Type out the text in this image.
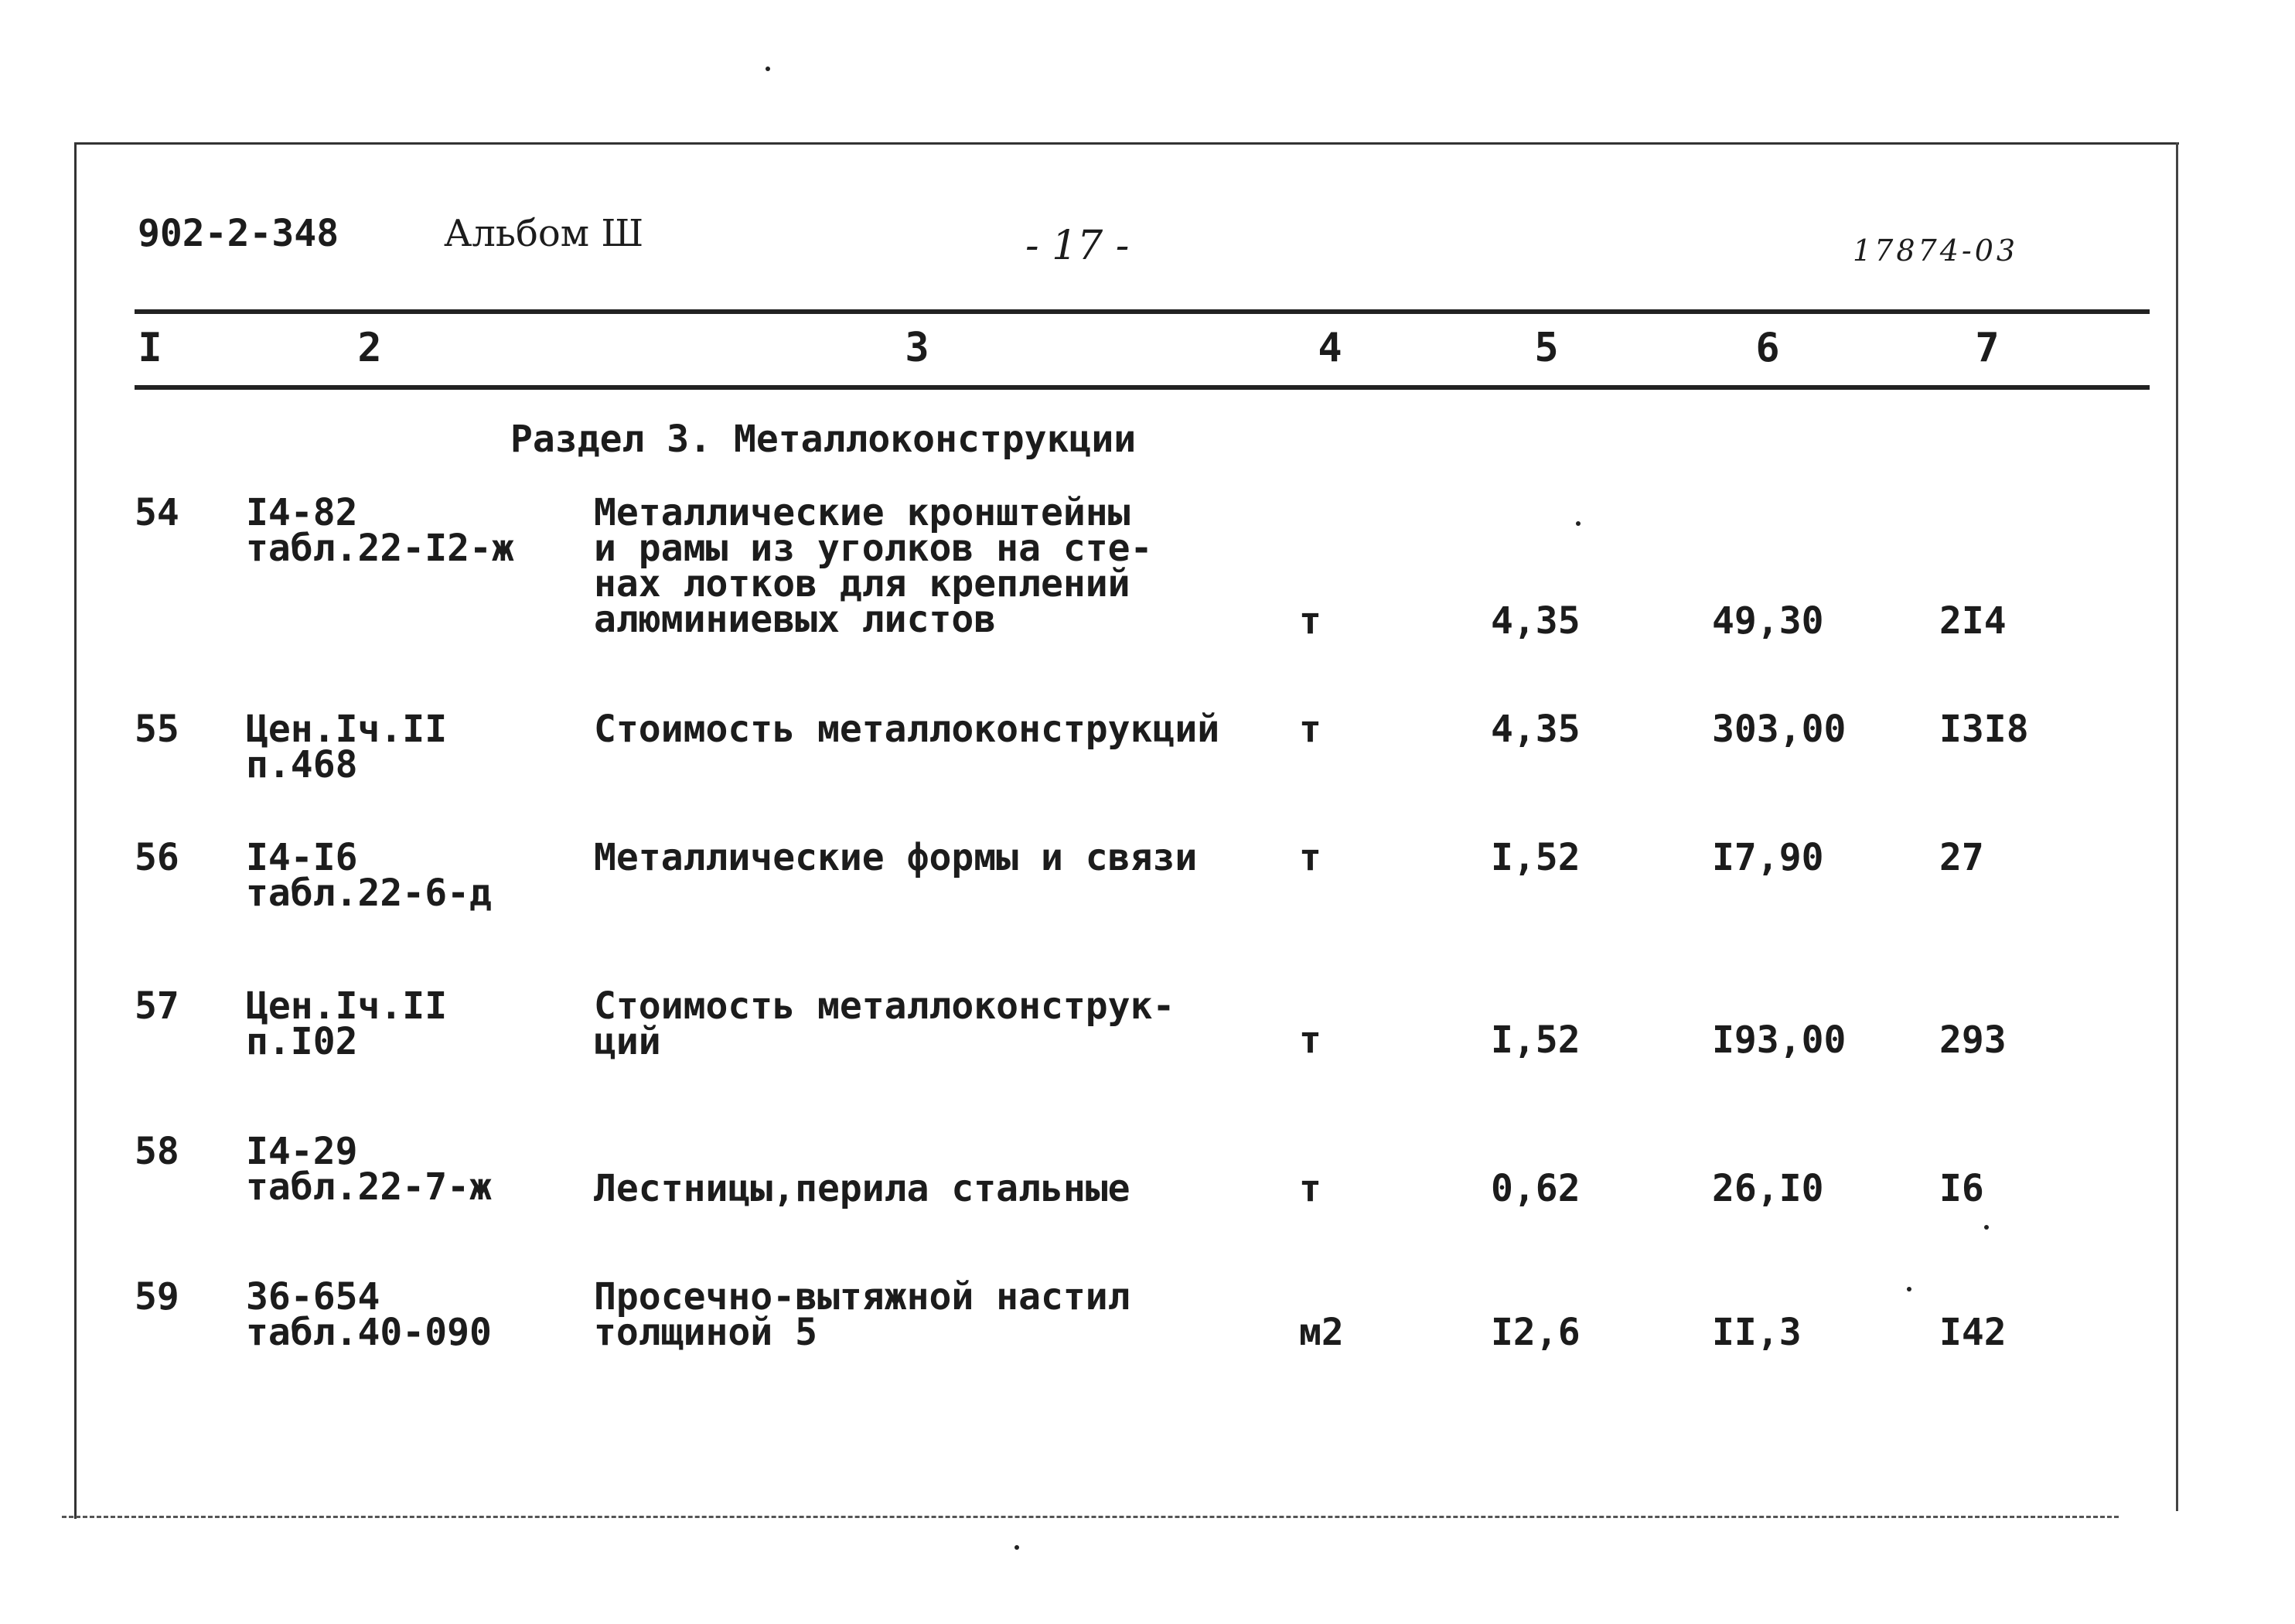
902-2-348	Альбом Ш	- 17 -	17874-03
I	2	3	4	5	6	7
Раздел 3. Металлоконструкции
54 I4-82
табл.22-I2-ж
Металлические кронштейны
и рамы из уголков на сте-
нах лотков для креплений
алюминиевых листов	т	4,35	49,30	2I4
55 Цен.Iч.II
п.468
Стоимость металлоконструкций т	4,35	303,00	I3I8
56 I4-I6
табл.22-6-д
Металлические формы и связи	т	I,52	I7,90	27
57 Цен.Iч.II
п.I02
Стоимость металлоконструк-
ций	т	I,52	I93,00	293
58 I4-29
табл.22-7-ж	Лестницы,перила стальные	т	0,62	26,I0	I6
59 36-654
табл.40-090
Просечно-вытяжной настил
толщиной 5	м2	I2,6	II,3	I42
